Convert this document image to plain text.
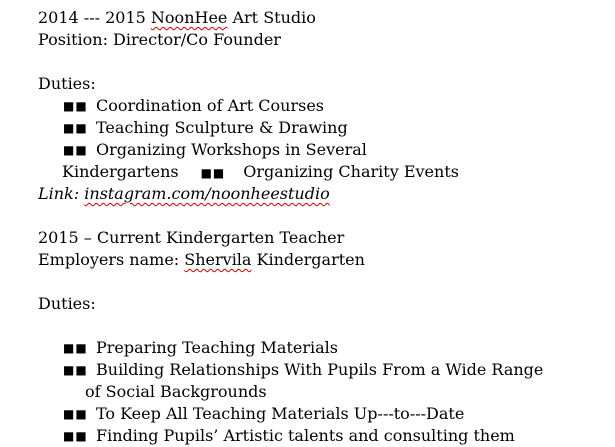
2014 --- 2015 NoonHee Art Studio
Position: Director/Co Founder
Duties:
■■ Coordination of Art Courses
■■ Teaching Sculpture & Drawing
■■ Organizing Workshops in Several
Kindergartens ■■ Organizing Charity Events
Link: instagram.com/noonheestudio
2015 – Current Kindergarten Teacher
Employers name: Shervila Kindergarten
Duties:
■■ Preparing Teaching Materials
■■ Building Relationships With Pupils From a Wide Range
of Social Backgrounds
■■ To Keep All Teaching Materials Up---to---Date
■■ Finding Pupils’ Artistic talents and consulting them
